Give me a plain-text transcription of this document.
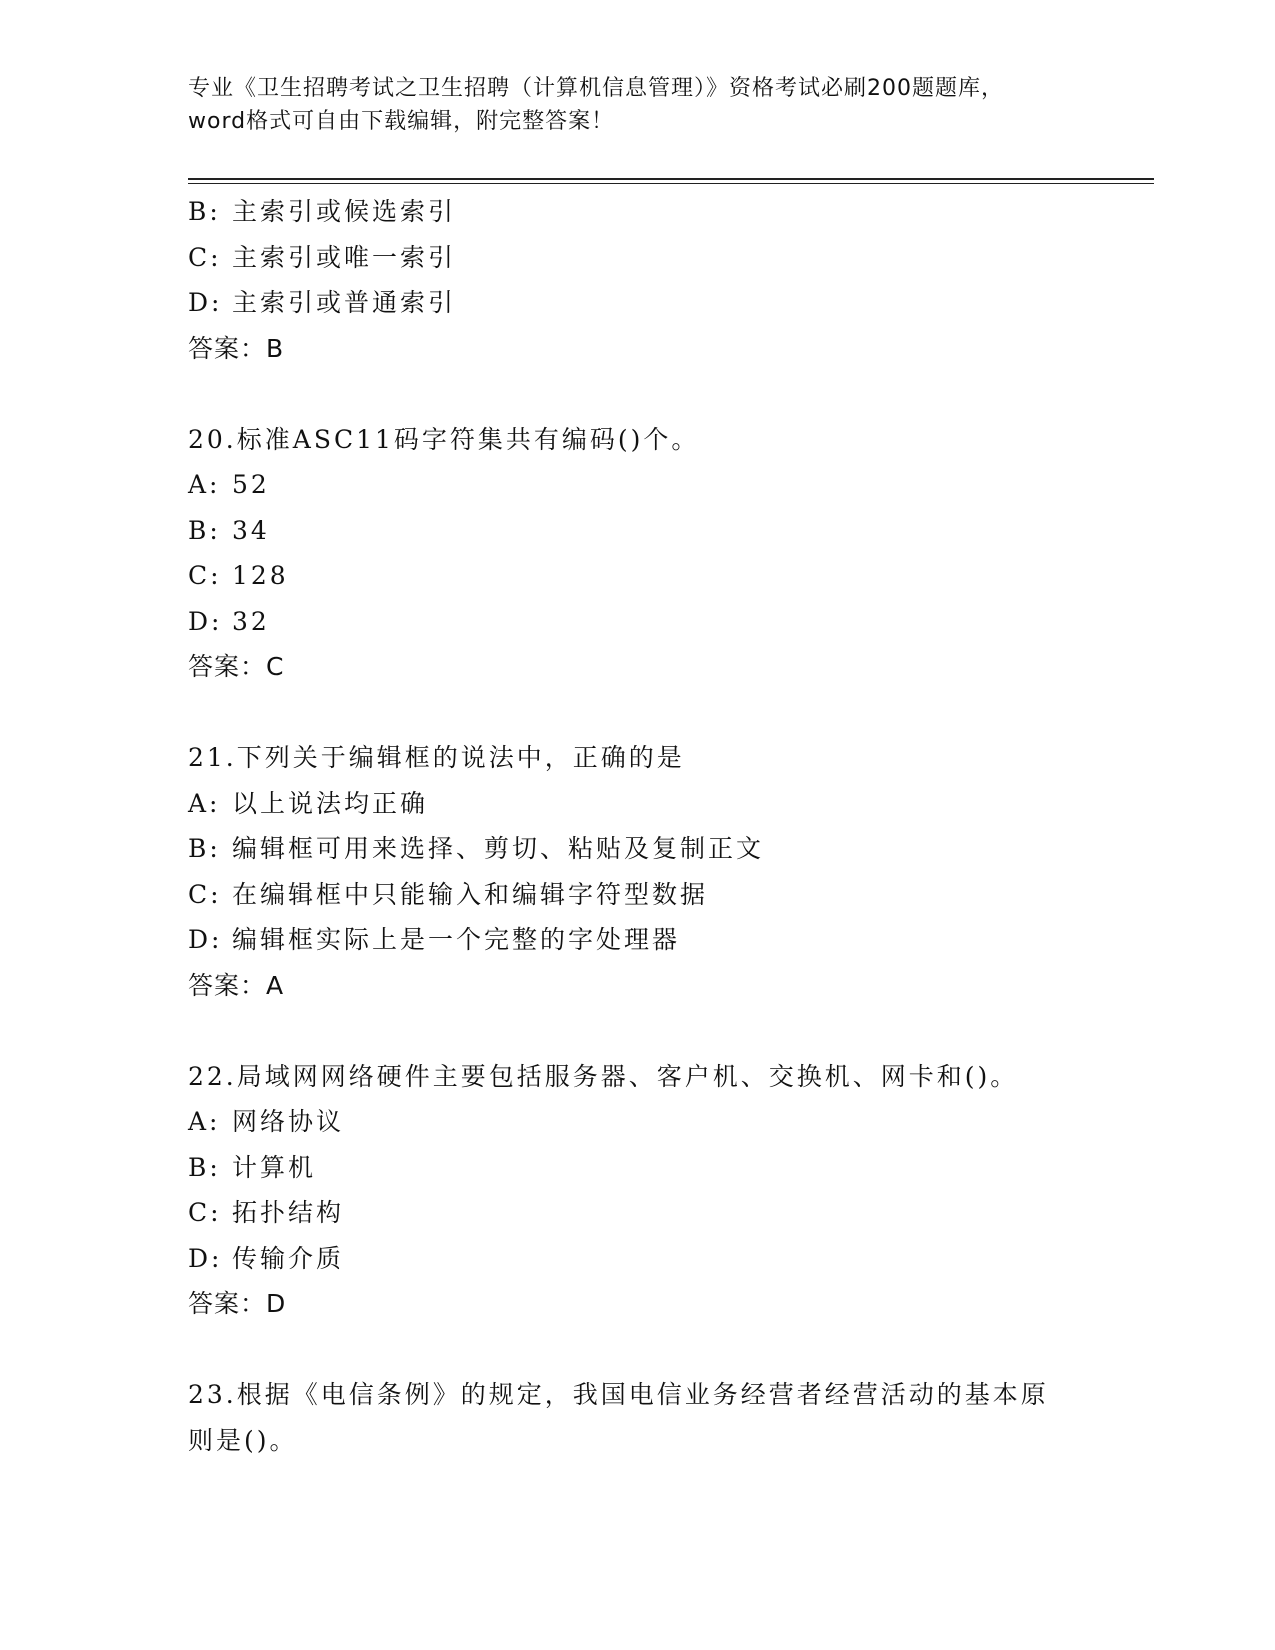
专业《卫生招聘考试之卫生招聘（计算机信息管理）》资格考试必刷200题题库，
word格式可自由下载编辑，附完整答案！
B: 主索引或候选索引
C: 主索引或唯一索引
D: 主索引或普通索引
答案：B
20.标准ASC11码字符集共有编码()个。
A: 52
B: 34
C: 128
D: 32
答案：C
21.下列关于编辑框的说法中，正确的是
A: 以上说法均正确
B: 编辑框可用来选择、剪切、粘贴及复制正文
C: 在编辑框中只能输入和编辑字符型数据
D: 编辑框实际上是一个完整的字处理器
答案：A
22.局域网网络硬件主要包括服务器、客户机、交换机、网卡和()。
A: 网络协议
B: 计算机
C: 拓扑结构
D: 传输介质
答案：D
23.根据《电信条例》的规定，我国电信业务经营者经营活动的基本原
则是()。
